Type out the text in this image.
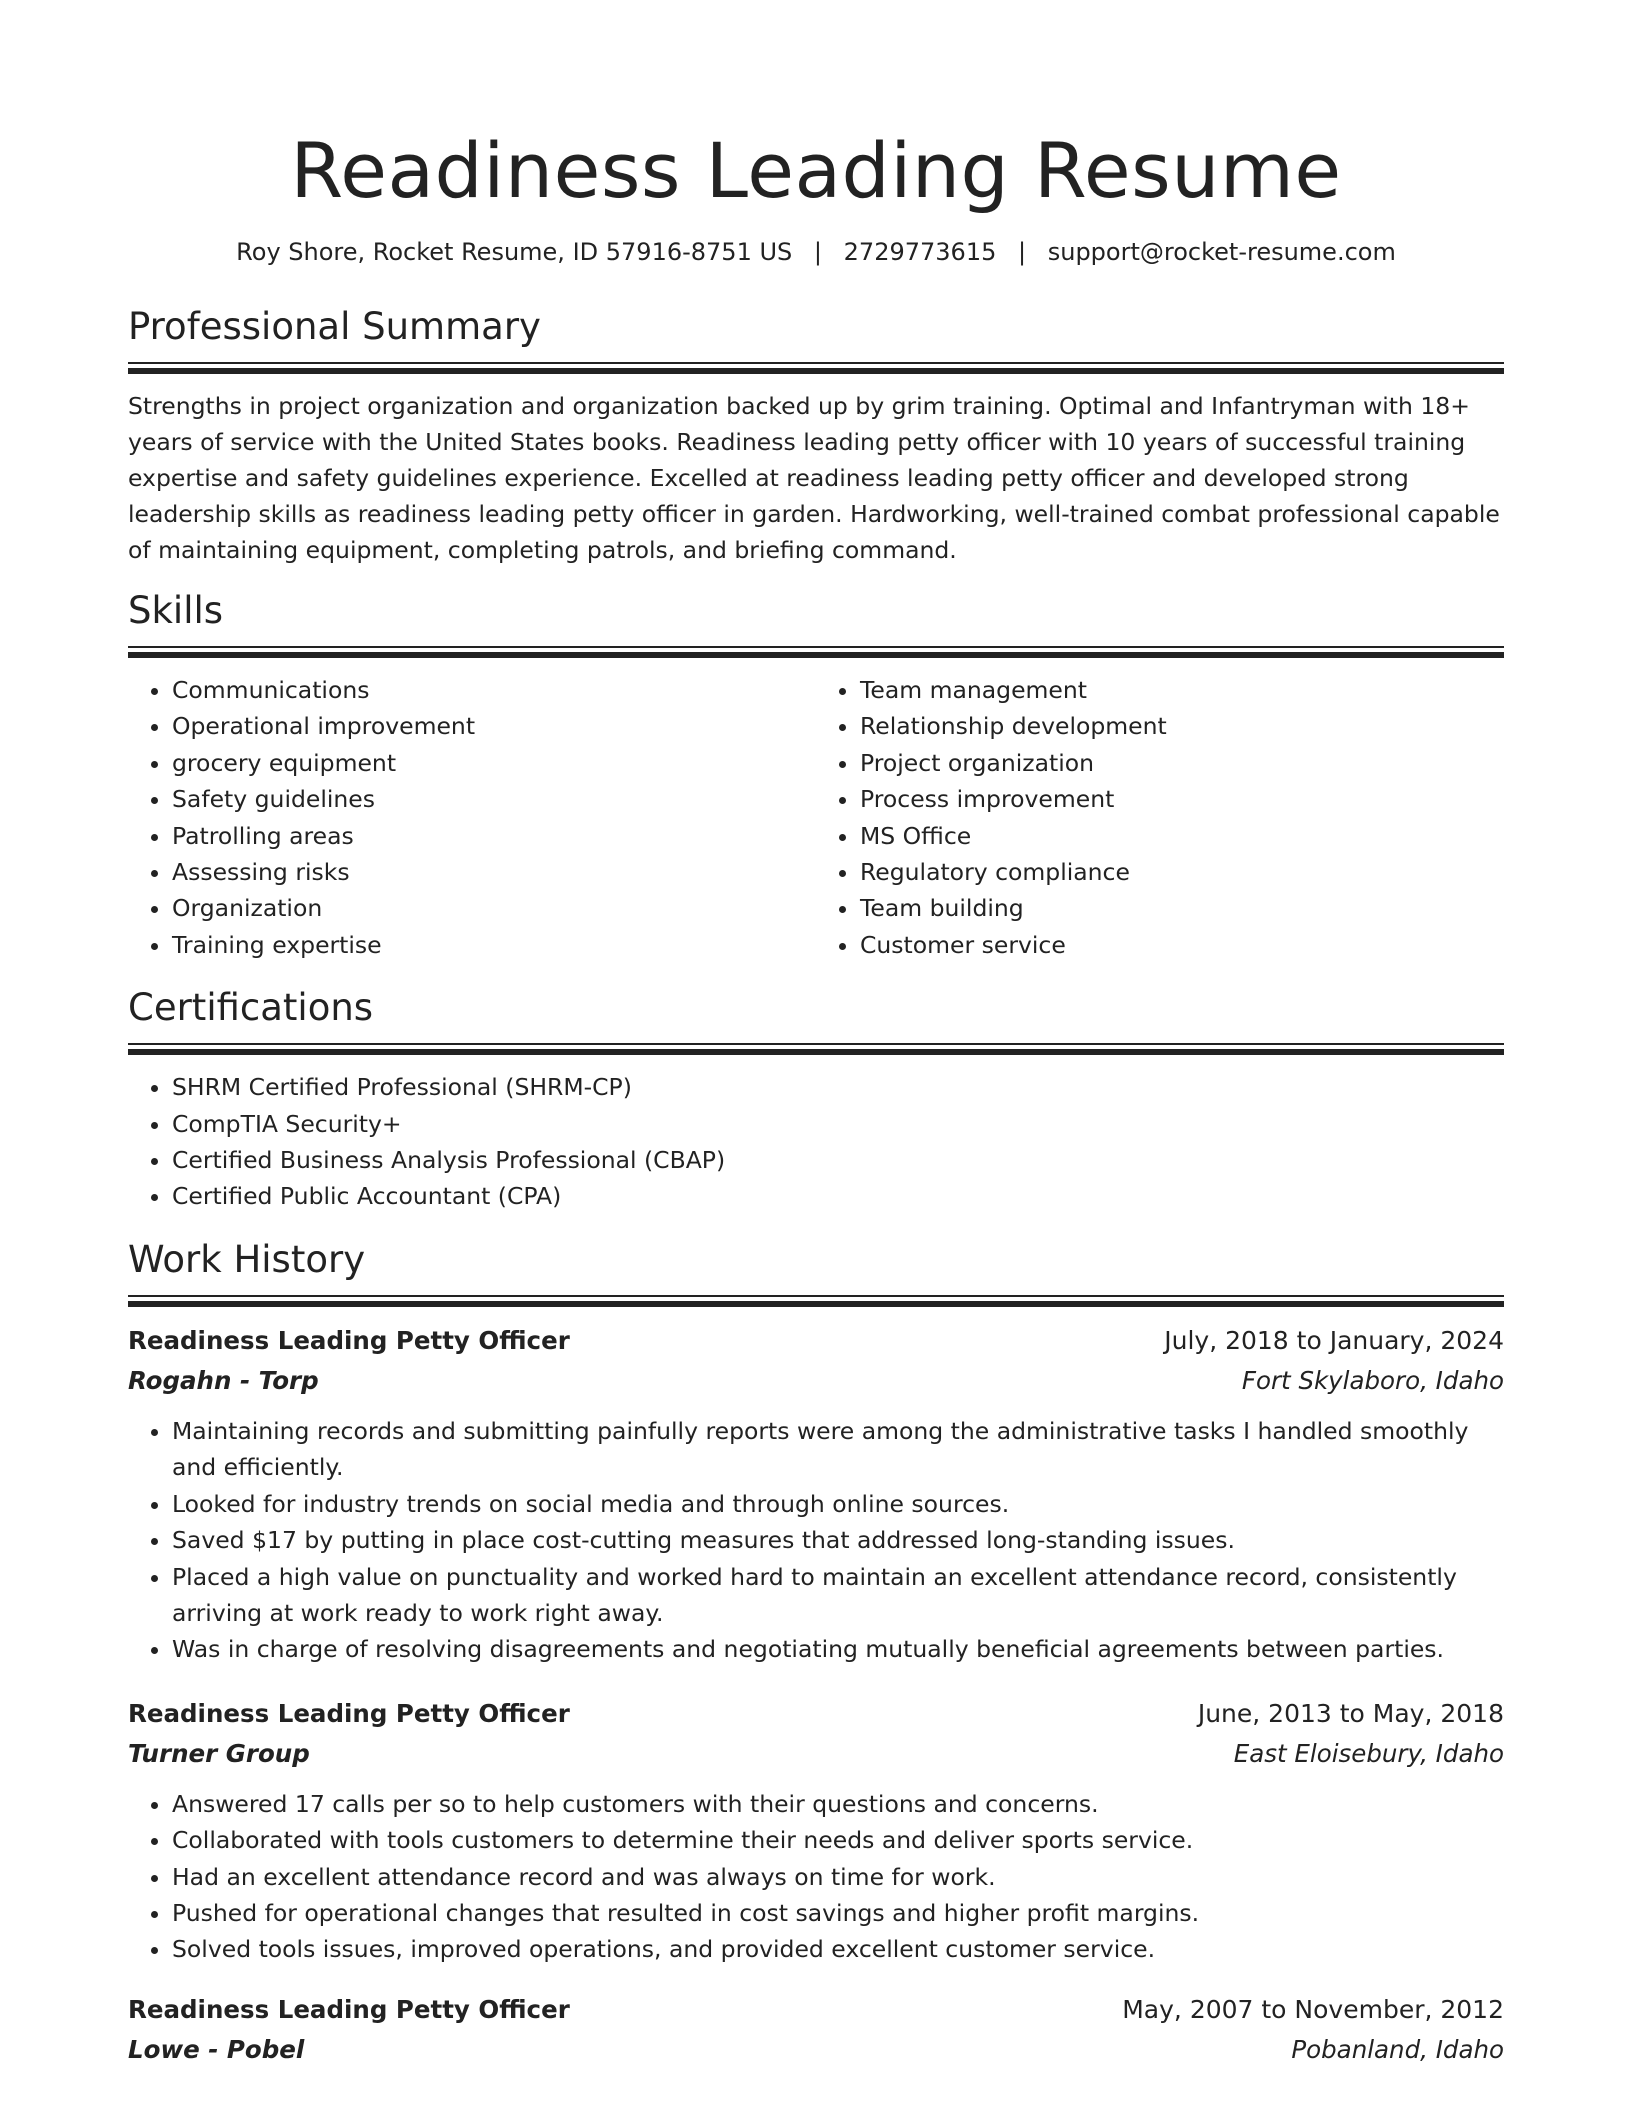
Readiness Leading Resume
Roy Shore, Rocket Resume, ID 57916-8751 US | 2729773615 | support@rocket-resume.com
Professional Summary

Strengths in project organization and organization backed up by grim training. Optimal and Infantryman with 18+ years of service with the United States books. Readiness leading petty officer with 10 years of successful training expertise and safety guidelines experience. Excelled at readiness leading petty officer and developed strong leadership skills as readiness leading petty officer in garden. Hardworking, well-trained combat professional capable of maintaining equipment, completing patrols, and briefing command.

Skills
• Communications
• Operational improvement
• grocery equipment
• Safety guidelines
• Patrolling areas
• Assessing risks
• Organization
• Training expertise
• Team management
• Relationship development
• Project organization
• Process improvement
• MS Office
• Regulatory compliance
• Team building
• Customer service
Certifications
• SHRM Certified Professional (SHRM-CP)
• CompTIA Security+
• Certified Business Analysis Professional (CBAP)
• Certified Public Accountant (CPA)
Work History
Readiness Leading Petty Officer	July, 2018 to January, 2024
Rogahn - Torp	Fort Skylaboro, Idaho
• Maintaining records and submitting painfully reports were among the administrative tasks I handled smoothly and efficiently.
• Looked for industry trends on social media and through online sources.
• Saved $17 by putting in place cost-cutting measures that addressed long-standing issues.
• Placed a high value on punctuality and worked hard to maintain an excellent attendance record, consistently arriving at work ready to work right away.
• Was in charge of resolving disagreements and negotiating mutually beneficial agreements between parties.
Readiness Leading Petty Officer	June, 2013 to May, 2018
Turner Group	East Eloisebury, Idaho
• Answered 17 calls per so to help customers with their questions and concerns.
• Collaborated with tools customers to determine their needs and deliver sports service.
• Had an excellent attendance record and was always on time for work.
• Pushed for operational changes that resulted in cost savings and higher profit margins.
• Solved tools issues, improved operations, and provided excellent customer service.
Readiness Leading Petty Officer	May, 2007 to November, 2012
Lowe - Pobel	Pobanland, Idaho
